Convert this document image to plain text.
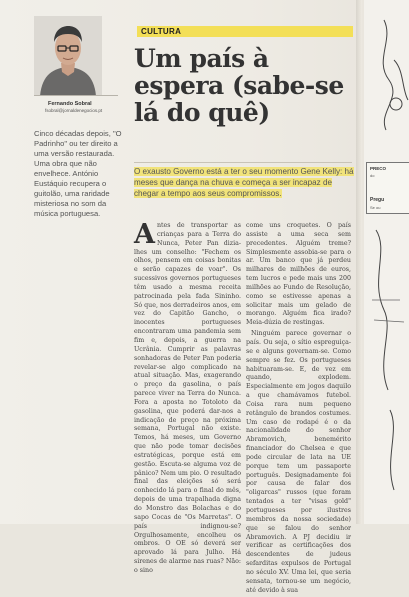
Fernando Sobral
fsobral@jornaldenegocios.pt
Cinco décadas depois, "O Padrinho" ou ter direito a uma versão restaurada. Uma obra que não envelhece. António Eustáquio recupera o guitolão, uma raridade misteriosa no som da música portuguesa.
CULTURA
Um país à espera (sabe-se lá do quê)
O exausto Governo está a ter o seu momento Gene Kelly: há meses que dança na chuva e começa a ser incapaz de chegar a tempo aos seus compromissos.
A ntes de transportar as crianças para a Terra do Nunca, Peter Pan dizia-lhes um conselho: "Fechem os olhos, pensem em coisas bonitas e serão capazes de voar". Os sucessivos governos portugueses têm usado a mesma receita patrocinada pela fada Sininho. Só que, nos derradeiros anos, em vez do Capitão Gancho, o inocentes portugueses encontraram uma pandemia sem fim e, depois, a guerra na Ucrânia. Cumprir as palavras sonhadoras de Peter Pan poderia revelar-se algo complicado na atual situação. Mas, exagerando o preço da gasolina, o país parece viver na Terra do Nunca. Fora a aposta no Totoloto da gasolina, que poderá dar-nos a indicação de preço na próxima semana, Portugal não existe. Temos, há meses, um Governo que não pode tomar decisões estratégicas, porque está em gestão. Escuta-se alguma voz de pânico? Nem um pio. O resultado final das eleições só será conhecido lá para o final do mês, depois de uma trapalhada digna do Monstro das Bolachas e do sapo Cocas de "Os Marretas". O país indignou-se? Orgulhosamente, encolheu os ombros. O OE só deverá ser aprovado lá para Julho. Há sirenes de alarme nas ruas? Não: o sino

come uns croquetes. O país assiste a uma seca sem precedentes. Alguém treme? Simplesmente assobia-se para o ar. Um banco que já perdeu milhares de milhões de euros, tem lucros e pede mais uns 200 milhões ao Fundo de Resolução, como se estivesse apenas a solicitar mais um gelado de morango. Alguém fica irado? Meia-dúzia de restingas.

Ninguém parece governar o país. Ou seja, o sítio espreguiça-se e alguns governam-se. Como sempre se fez. Os portugueses habituaram-se. E, de vez em quando, explodem. Especialmente em jogos daquilo a que chamávamos futebol. Coisa rara num pequeno retângulo de brandos costumes. Um caso de rodapé é o da nacionalidade do senhor Abramovich, benemérito financiador do Chelsea e que pode circular de lata na UE porque tem um passaporte português. Designadamente foi por causa de falar dos "oligarcas" russos (que foram tentados a ter "visas gold" portugueses por ilustres membros da nossa sociedade) que se falou do senhor Abramovich. A PJ decidiu ir verificar as certificações dos descendentes de judeus sefarditas expulsos de Portugal no século XV. Uma lei, que seria sensata, tornou-se um negócio, até devido à sua

PRECO
do
Pregu
Se ou
